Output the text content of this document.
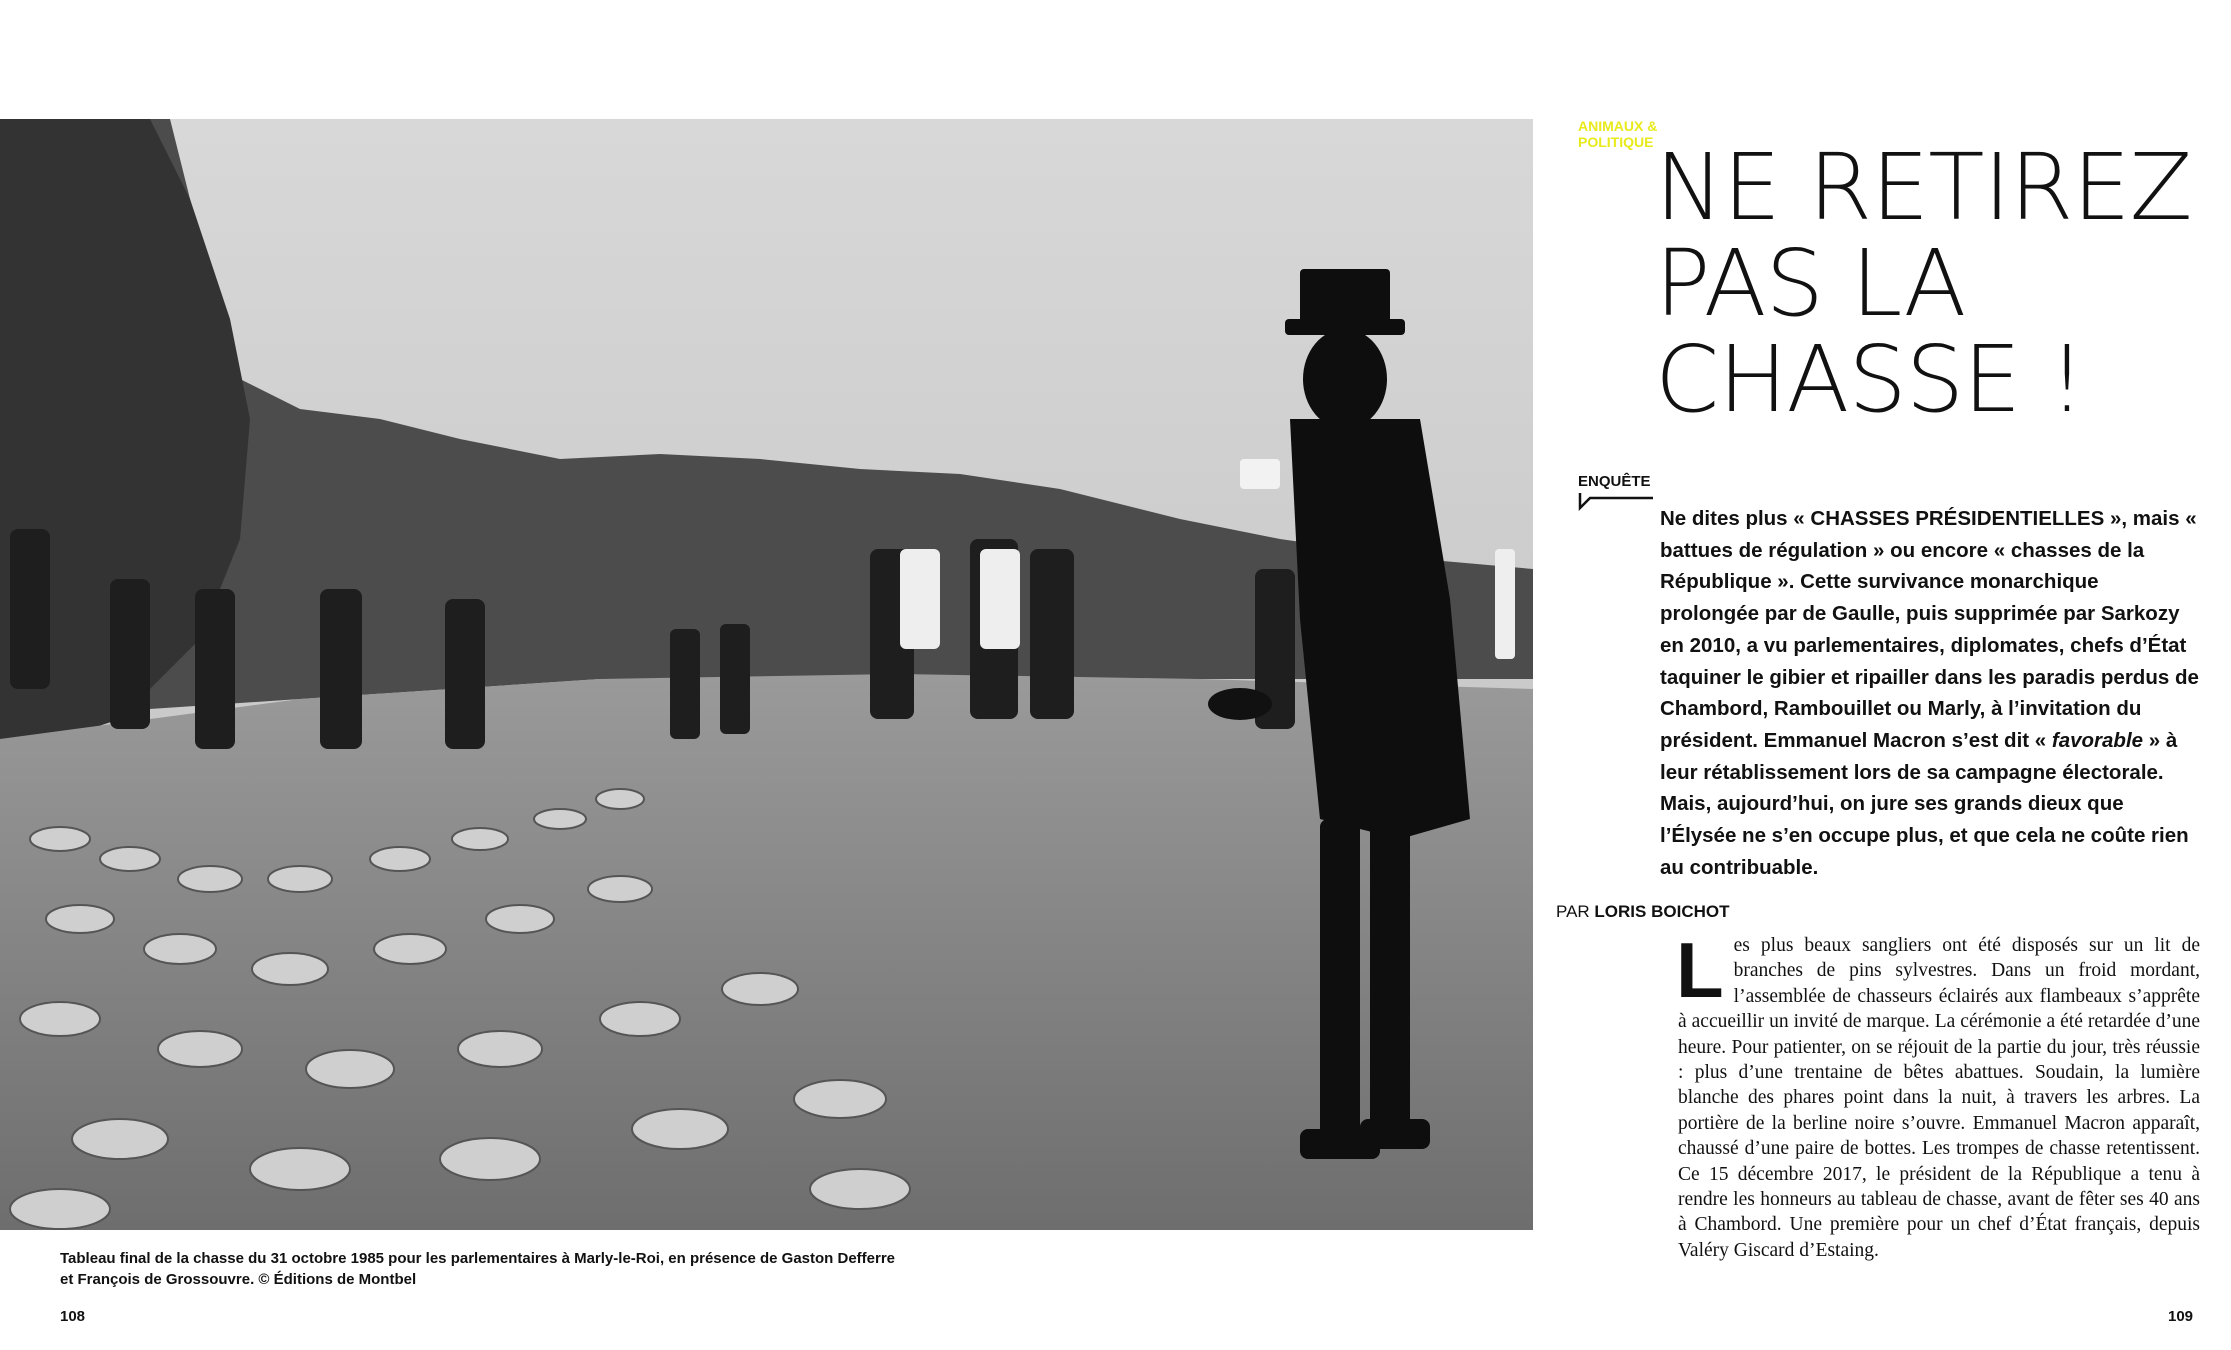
Tableau final de la chasse du 31 octobre 1985 pour les parlementaires à Marly-le-Roi, en présence de Gaston Defferre
et François de Grossouvre. © Éditions de Montbel
108	109
ANIMAUX &
POLITIQUE NE RETIREZ
PAS LA
CHASSE !
ENQUÊTE
Ne dites plus « CHASSES PRÉSIDENTIELLES », mais « battues de régulation » ou encore « chasses de la République ». Cette survivance monarchique prolongée par de Gaulle, puis supprimée par Sarkozy en 2010, a vu parlementaires, diplomates, chefs d’État taquiner le gibier et ripailler dans les paradis perdus de Chambord, Rambouillet ou Marly, à l’invitation du président. Emmanuel Macron s’est dit « favorable » à leur rétablissement lors de sa campagne électorale. Mais, aujourd’hui, on jure ses grands dieux que l’Élysée ne s’en occupe plus, et que cela ne coûte rien au contribuable.
PAR LORIS BOICHOT
Les plus beaux sangliers ont été disposés sur un lit de branches de pins sylvestres. Dans un froid mordant, l’assemblée de chasseurs éclairés aux flambeaux s’apprête à accueillir un invité de marque. La cérémonie a été retardée d’une heure. Pour patienter, on se réjouit de la partie du jour, très réussie : plus d’une trentaine de bêtes abattues. Soudain, la lumière blanche des phares point dans la nuit, à travers les arbres. La portière de la berline noire s’ouvre. Emmanuel Macron apparaît, chaussé d’une paire de bottes. Les trompes de chasse retentissent. Ce 15 décembre 2017, le président de la République a tenu à rendre les honneurs au tableau de chasse, avant de fêter ses 40 ans à Chambord. Une première pour un chef d’État français, depuis Valéry Giscard d’Estaing.
